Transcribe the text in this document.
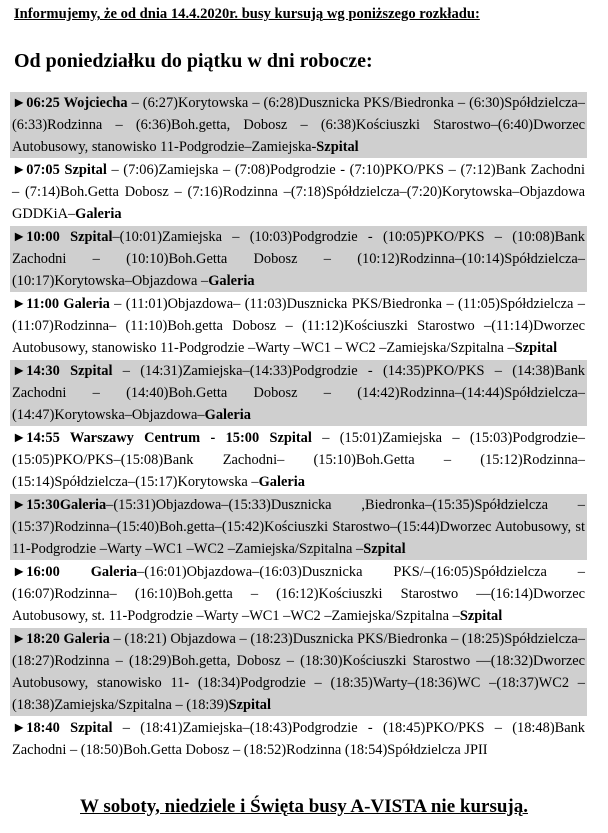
Informujemy, że od dnia 14.4.2020r. busy kursują wg poniższego rozkładu:
Od poniedziałku do piątku w dni robocze:
►06:25 Wojciecha – (6:27)Korytowska – (6:28)Dusznicka PKS/Biedronka – (6:30)Spółdzielcza– (6:33)Rodzinna – (6:36)Boh.getta, Dobosz – (6:38)Kościuszki Starostwo–(6:40)Dworzec Autobusowy, stanowisko 11-Podgrodzie–Zamiejska-Szpital
►07:05 Szpital – (7:06)Zamiejska – (7:08)Podgrodzie - (7:10)PKO/PKS – (7:12)Bank Zachodni – (7:14)Boh.Getta Dobosz – (7:16)Rodzinna –(7:18)Spółdzielcza–(7:20)Korytowska–Objazdowa GDDKiA–Galeria
►10:00 Szpital–(10:01)Zamiejska – (10:03)Podgrodzie - (10:05)PKO/PKS – (10:08)Bank Zachodni – (10:10)Boh.Getta Dobosz – (10:12)Rodzinna–(10:14)Spółdzielcza–(10:17)Korytowska–Objazdowa –Galeria
►11:00 Galeria – (11:01)Objazdowa– (11:03)Dusznicka PKS/Biedronka – (11:05)Spółdzielcza – (11:07)Rodzinna– (11:10)Boh.getta Dobosz – (11:12)Kościuszki Starostwo –(11:14)Dworzec Autobusowy, stanowisko 11-Podgrodzie –Warty –WC1 – WC2 –Zamiejska/Szpitalna –Szpital
►14:30 Szpital – (14:31)Zamiejska–(14:33)Podgrodzie - (14:35)PKO/PKS – (14:38)Bank Zachodni – (14:40)Boh.Getta Dobosz – (14:42)Rodzinna–(14:44)Spółdzielcza–(14:47)Korytowska–Objazdowa–Galeria
►14:55 Warszawy Centrum - 15:00 Szpital – (15:01)Zamiejska – (15:03)Podgrodzie–(15:05)PKO/PKS–(15:08)Bank Zachodni– (15:10)Boh.Getta – (15:12)Rodzinna–(15:14)Spółdzielcza–(15:17)Korytowska –Galeria
►15:30Galeria–(15:31)Objazdowa–(15:33)Dusznicka ,Biedronka–(15:35)Spółdzielcza –(15:37)Rodzinna–(15:40)Boh.getta–(15:42)Kościuszki Starostwo–(15:44)Dworzec Autobusowy, st 11-Podgrodzie –Warty –WC1 –WC2 –Zamiejska/Szpitalna –Szpital
►16:00 Galeria–(16:01)Objazdowa–(16:03)Dusznicka PKS/–(16:05)Spółdzielcza – (16:07)Rodzinna– (16:10)Boh.getta – (16:12)Kościuszki Starostwo —(16:14)Dworzec Autobusowy, st. 11-Podgrodzie –Warty –WC1 –WC2 –Zamiejska/Szpitalna –Szpital
►18:20 Galeria – (18:21) Objazdowa – (18:23)Dusznicka PKS/Biedronka – (18:25)Spółdzielcza– (18:27)Rodzinna – (18:29)Boh.getta, Dobosz – (18:30)Kościuszki Starostwo —(18:32)Dworzec Autobusowy, stanowisko 11- (18:34)Podgrodzie – (18:35)Warty–(18:36)WC –(18:37)WC2 – (18:38)Zamiejska/Szpitalna – (18:39)Szpital
►18:40 Szpital – (18:41)Zamiejska–(18:43)Podgrodzie - (18:45)PKO/PKS – (18:48)Bank Zachodni – (18:50)Boh.Getta Dobosz – (18:52)Rodzinna (18:54)Spółdzielcza JPII
W soboty, niedziele i Święta busy A-VISTA nie kursują.
